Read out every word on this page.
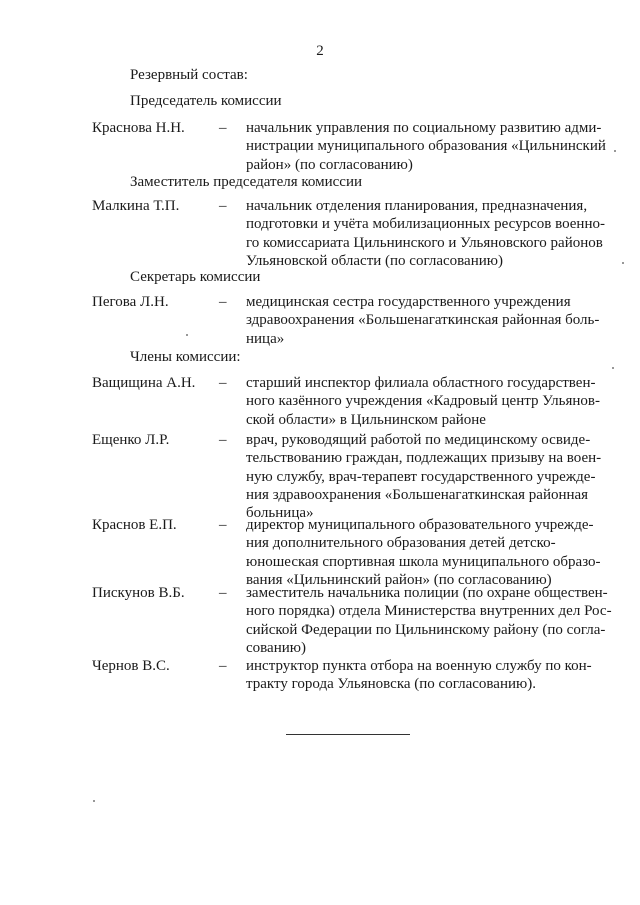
2
Резервный состав:
Председатель комиссии
Краснова Н.Н. – начальник управления по социальному развитию адми-
нистрации муниципального образования «Цильнинский
район» (по согласованию)
Заместитель председателя комиссии
Малкина Т.П.	– начальник отделения планирования, предназначения,
подготовки и учёта мобилизационных ресурсов военно-
го комиссариата Цильнинского и Ульяновского районов
Ульяновской области (по согласованию)
Секретарь комиссии
Пегова Л.Н.	– медицинская сестра государственного учреждения
здравоохранения «Большенагаткинская районная боль-
ница»
Члены комиссии:
Ващищина А.Н. – старший инспектор филиала областного государствен-
ного казённого учреждения «Кадровый центр Ульянов-
ской области» в Цильнинском районе
Ещенко Л.Р.	– врач, руководящий работой по медицинскому освиде-
тельствованию граждан, подлежащих призыву на воен-
ную службу, врач-терапевт государственного учрежде-
ния здравоохранения «Большенагаткинская районная
больница»
Краснов Е.П.	– директор муниципального образовательного учрежде-
ния дополнительного образования детей детско-
юношеская спортивная школа муниципального образо-
вания «Цильнинский район» (по согласованию)
Пискунов В.Б. – заместитель начальника полиции (по охране обществен-
ного порядка) отдела Министерства внутренних дел Рос-
сийской Федерации по Цильнинскому району (по согла-
сованию)
Чернов В.С.	– инструктор пункта отбора на военную службу по кон-
тракту города Ульяновска (по согласованию).
